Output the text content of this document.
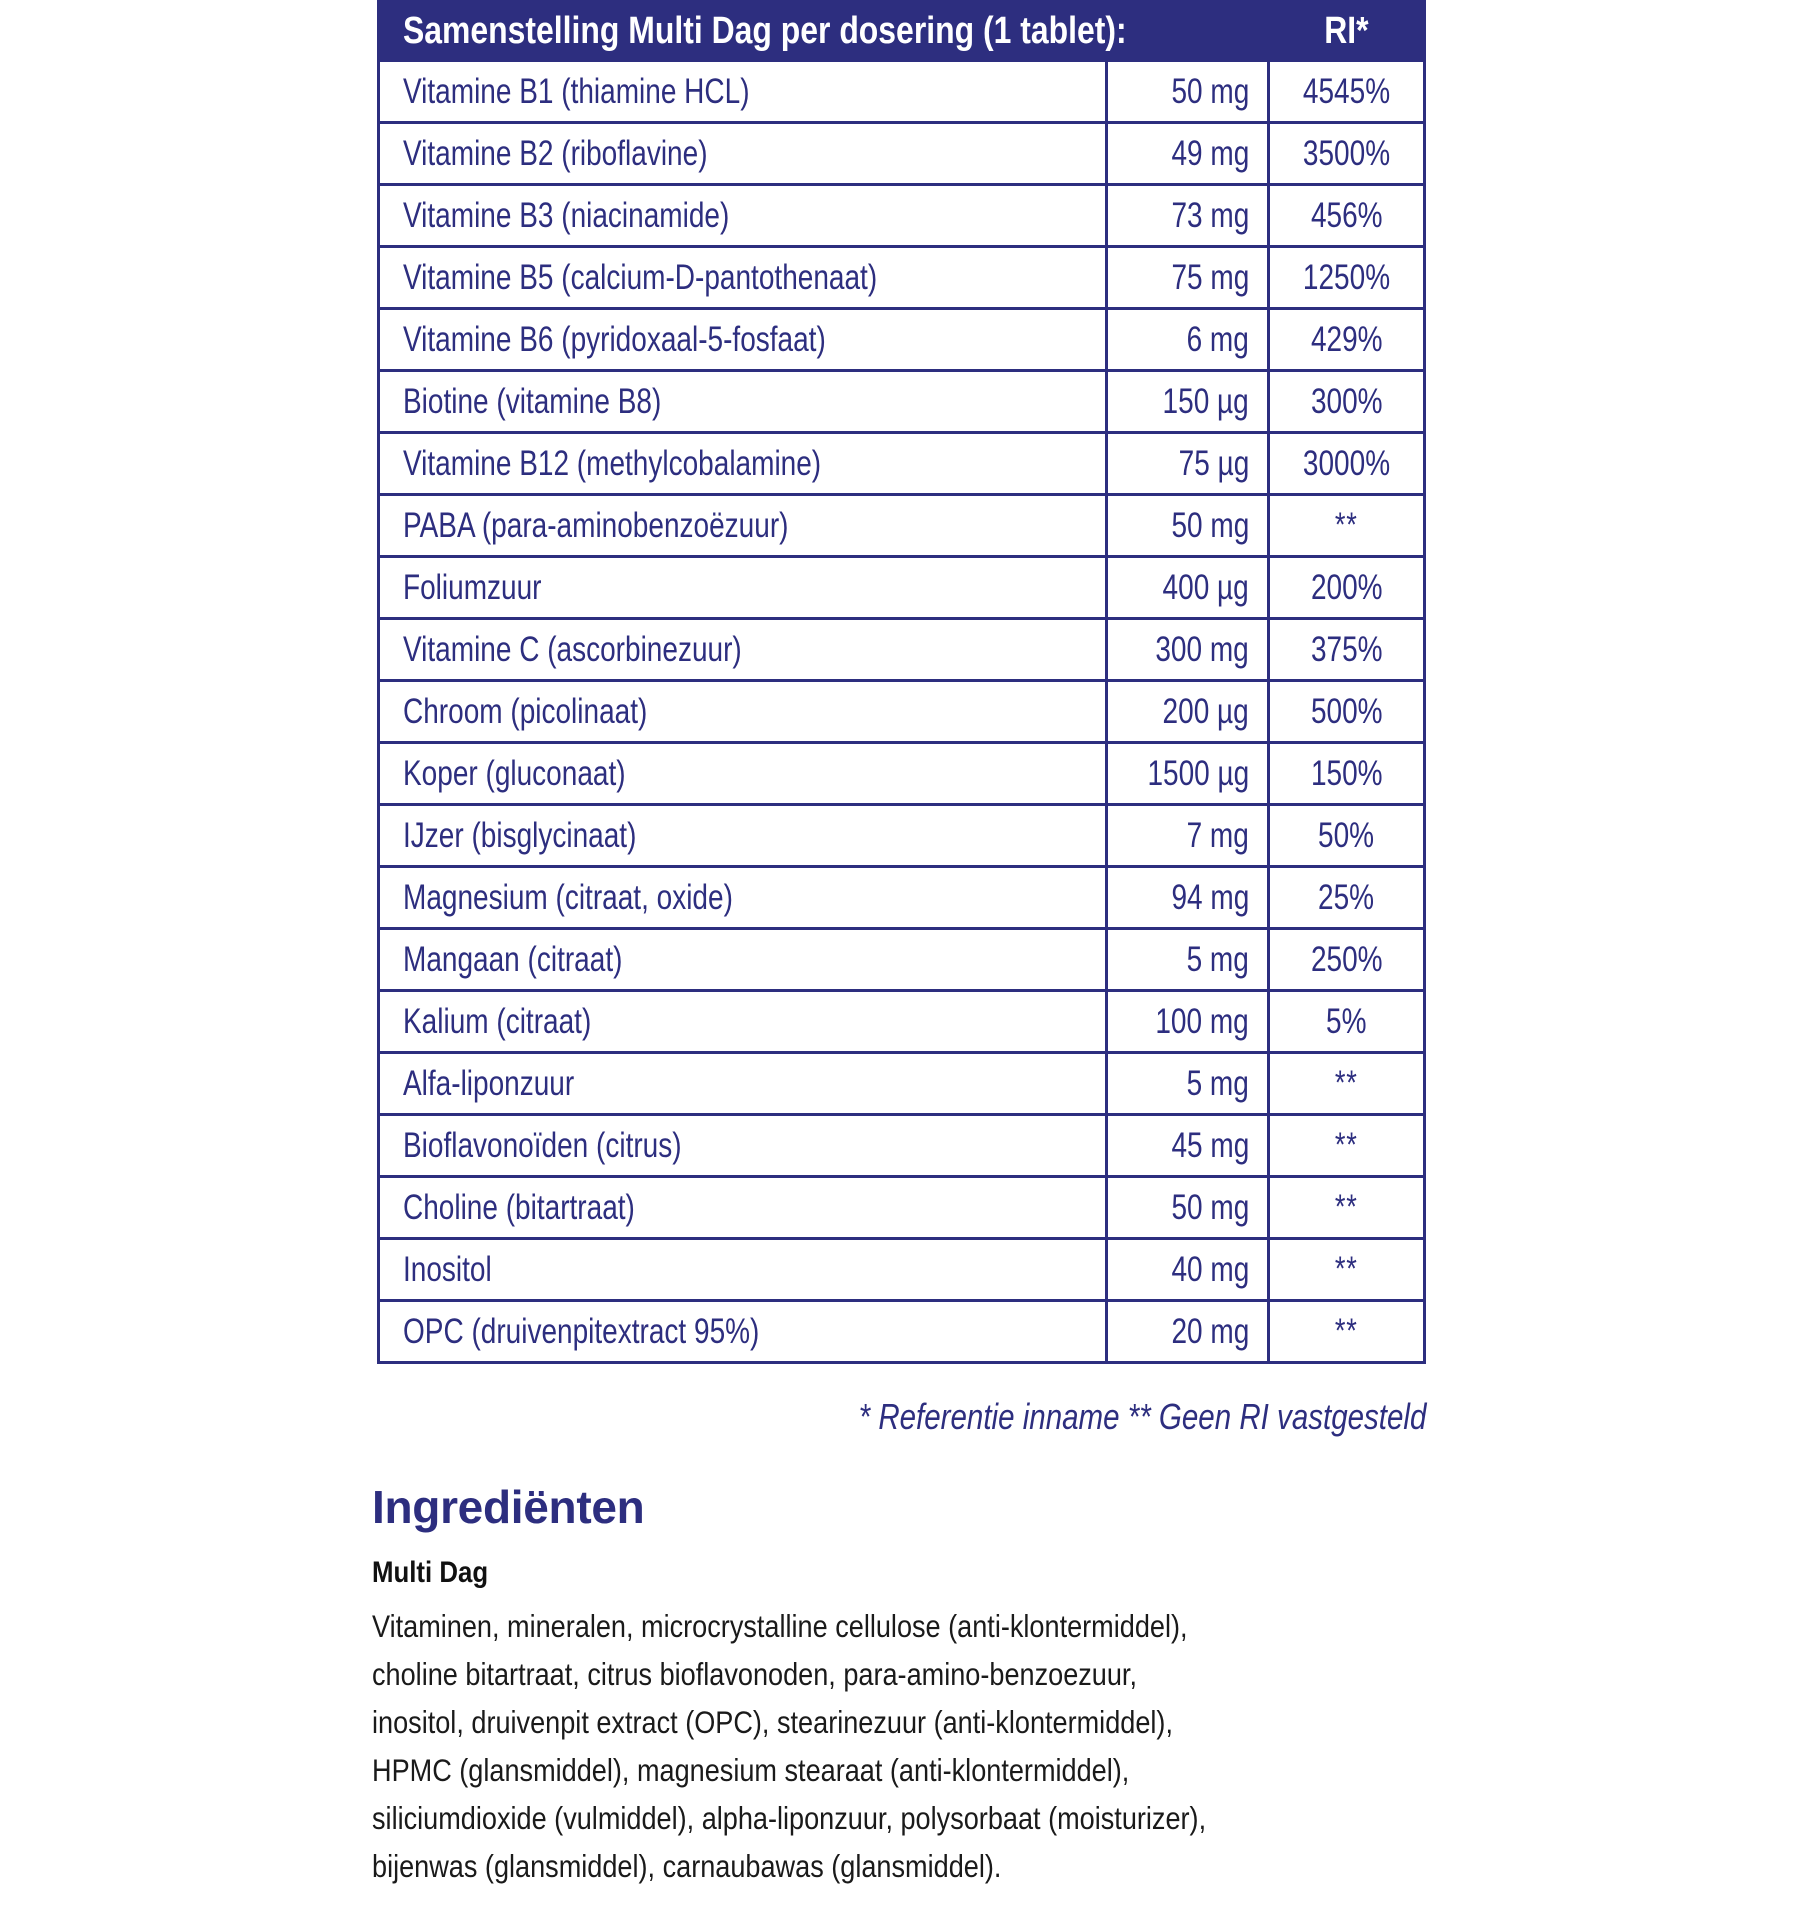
Samenstelling Multi Dag per dosering (1 tablet):	RI*
Vitamine B1 (thiamine HCL)	50 mg 4545%
Vitamine B2 (riboflavine)	49 mg 3500%
Vitamine B3 (niacinamide)	73 mg 456%
Vitamine B5 (calcium-D-pantothenaat)	75 mg 1250%
Vitamine B6 (pyridoxaal-5-fosfaat)	6 mg 429%
Biotine (vitamine B8)	150 µg 300%
Vitamine B12 (methylcobalamine)	75 µg 3000%
PABA (para-aminobenzoëzuur)	50 mg	**
Foliumzuur	400 µg 200%
Vitamine C (ascorbinezuur)	300 mg 375%
Chroom (picolinaat)	200 µg 500%
Koper (gluconaat)	1500 µg 150%
IJzer (bisglycinaat)	7 mg 50%
Magnesium (citraat, oxide)	94 mg 25%
Mangaan (citraat)	5 mg 250%
Kalium (citraat)	100 mg 5%
Alfa-liponzuur	5 mg	**
Bioflavonoïden (citrus)	45 mg	**
Choline (bitartraat)	50 mg	**
Inositol	40 mg	**
OPC (druivenpitextract 95%)	20 mg	**
* Referentie inname ** Geen RI vastgesteld
Ingrediënten
Multi Dag
Vitaminen, mineralen, microcrystalline cellulose (anti-klontermiddel),
choline bitartraat, citrus bioflavonoden, para-amino-benzoezuur,
inositol, druivenpit extract (OPC), stearinezuur (anti-klontermiddel),
HPMC (glansmiddel), magnesium stearaat (anti-klontermiddel),
siliciumdioxide (vulmiddel), alpha-liponzuur, polysorbaat (moisturizer),
bijenwas (glansmiddel), carnaubawas (glansmiddel).
